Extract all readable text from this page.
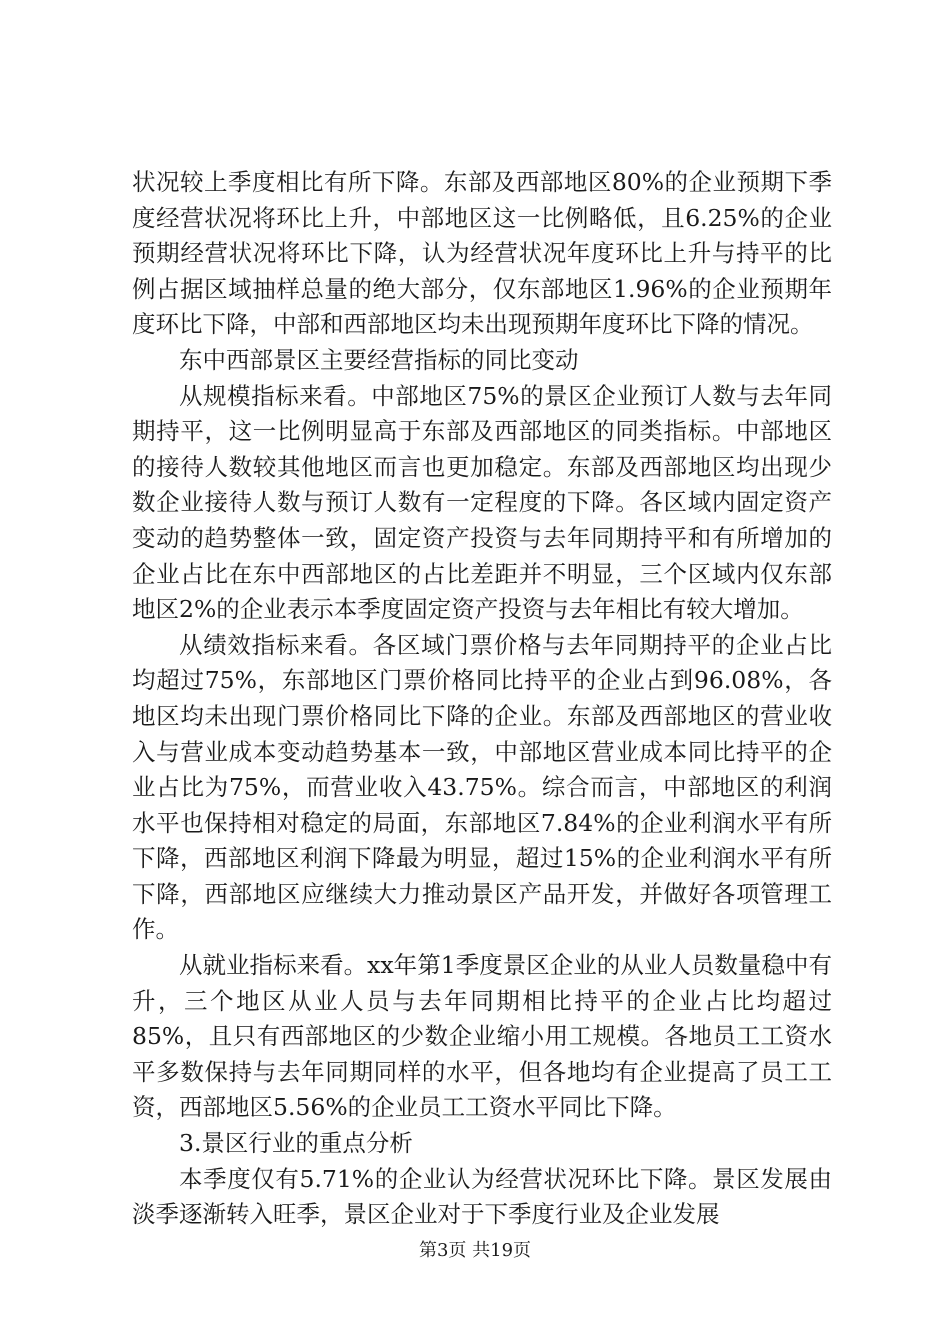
状况较上季度相比有所下降。东部及西部地区80%的企业预期下季度经营状况将环比上升，中部地区这一比例略低，且6.25%的企业预期经营状况将环比下降，认为经营状况年度环比上升与持平的比例占据区域抽样总量的绝大部分，仅东部地区1.96%的企业预期年度环比下降，中部和西部地区均未出现预期年度环比下降的情况。

东中西部景区主要经营指标的同比变动

从规模指标来看。中部地区75%的景区企业预订人数与去年同期持平，这一比例明显高于东部及西部地区的同类指标。中部地区的接待人数较其他地区而言也更加稳定。东部及西部地区均出现少数企业接待人数与预订人数有一定程度的下降。各区域内固定资产变动的趋势整体一致，固定资产投资与去年同期持平和有所增加的企业占比在东中西部地区的占比差距并不明显，三个区域内仅东部地区2%的企业表示本季度固定资产投资与去年相比有较大增加。

从绩效指标来看。各区域门票价格与去年同期持平的企业占比均超过75%，东部地区门票价格同比持平的企业占到96.08%，各地区均未出现门票价格同比下降的企业。东部及西部地区的营业收入与营业成本变动趋势基本一致，中部地区营业成本同比持平的企业占比为75%，而营业收入43.75%。综合而言，中部地区的利润水平也保持相对稳定的局面，东部地区7.84%的企业利润水平有所下降，西部地区利润下降最为明显，超过15%的企业利润水平有所下降，西部地区应继续大力推动景区产品开发，并做好各项管理工作。

从就业指标来看。xx年第1季度景区企业的从业人员数量稳中有升，三个地区从业人员与去年同期相比持平的企业占比均超过85%，且只有西部地区的少数企业缩小用工规模。各地员工工资水平多数保持与去年同期同样的水平，但各地均有企业提高了员工工资，西部地区5.56%的企业员工工资水平同比下降。

3.景区行业的重点分析

本季度仅有5.71%的企业认为经营状况环比下降。景区发展由淡季逐渐转入旺季，景区企业对于下季度行业及企业发展

第3页 共19页
